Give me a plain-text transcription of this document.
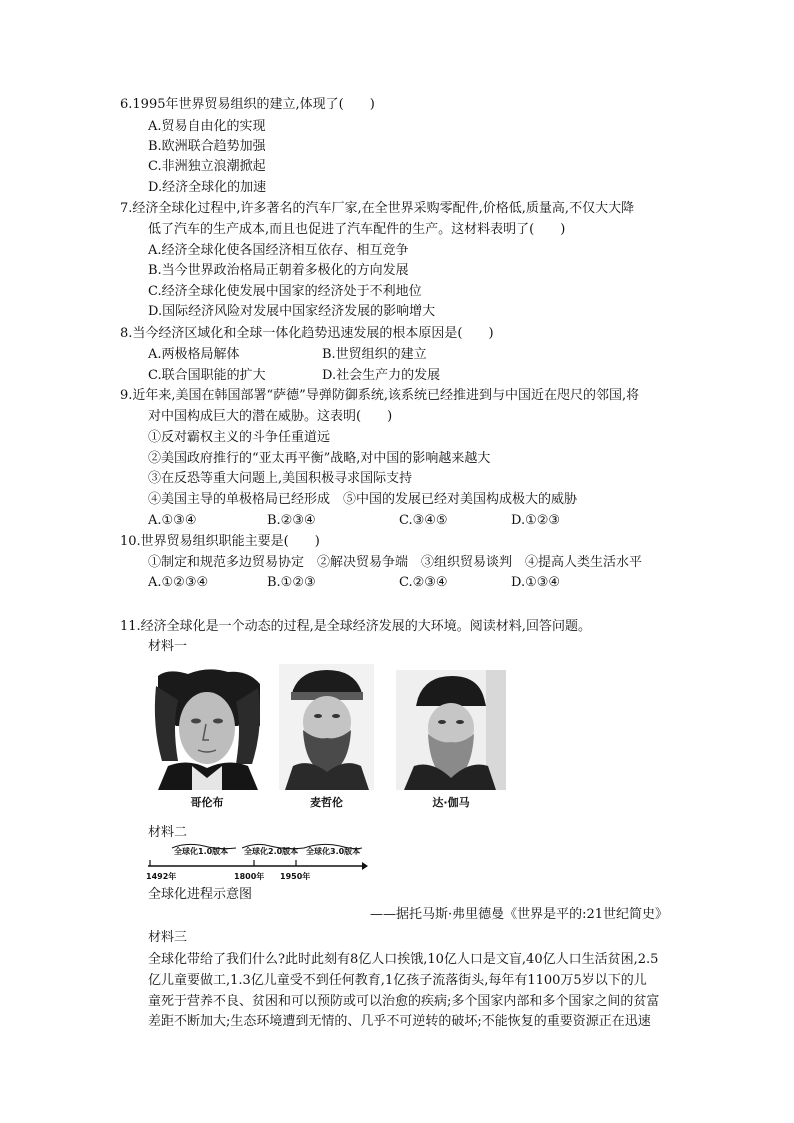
6.1995年世界贸易组织的建立,体现了(　　)
A.贸易自由化的实现
B.欧洲联合趋势加强
C.非洲独立浪潮掀起
D.经济全球化的加速
7.经济全球化过程中,许多著名的汽车厂家,在全世界采购零配件,价格低,质量高,不仅大大降
低了汽车的生产成本,而且也促进了汽车配件的生产。这材料表明了(　　)
A.经济全球化使各国经济相互依存、相互竞争
B.当今世界政治格局正朝着多极化的方向发展
C.经济全球化使发展中国家的经济处于不利地位
D.国际经济风险对发展中国家经济发展的影响增大
8.当今经济区域化和全球一体化趋势迅速发展的根本原因是(　　)
A.两极格局解体	B.世贸组织的建立
C.联合国职能的扩大	D.社会生产力的发展
9.近年来,美国在韩国部署“萨德”导弹防御系统,该系统已经推进到与中国近在咫尺的邻国,将
对中国构成巨大的潜在威胁。这表明(　　)
①反对霸权主义的斗争任重道远
②美国政府推行的“亚太再平衡”战略,对中国的影响越来越大
③在反恐等重大问题上,美国积极寻求国际支持
④美国主导的单极格局已经形成　⑤中国的发展已经对美国构成极大的威胁
A.①③④	B.②③④	C.③④⑤	D.①②③
10.世界贸易组织职能主要是(　　)
①制定和规范多边贸易协定　②解决贸易争端　③组织贸易谈判　④提高人类生活水平
A.①②③④	B.①②③	C.②③④	D.①③④
11.经济全球化是一个动态的过程,是全球经济发展的大环境。阅读材料,回答问题。
材料一
哥伦布	麦哲伦	达·伽马
材料二
全球化1.0版本 全球化2.0版本 全球化3.0版本
1492年	1800年 1950年
全球化进程示意图
——据托马斯·弗里德曼《世界是平的:21世纪简史》
材料三
全球化带给了我们什么?此时此刻有8亿人口挨饿,10亿人口是文盲,40亿人口生活贫困,2.5
亿儿童要做工,1.3亿儿童受不到任何教育,1亿孩子流落街头,每年有1100万5岁以下的儿
童死于营养不良、贫困和可以预防或可以治愈的疾病;多个国家内部和多个国家之间的贫富
差距不断加大;生态环境遭到无情的、几乎不可逆转的破坏;不能恢复的重要资源正在迅速
